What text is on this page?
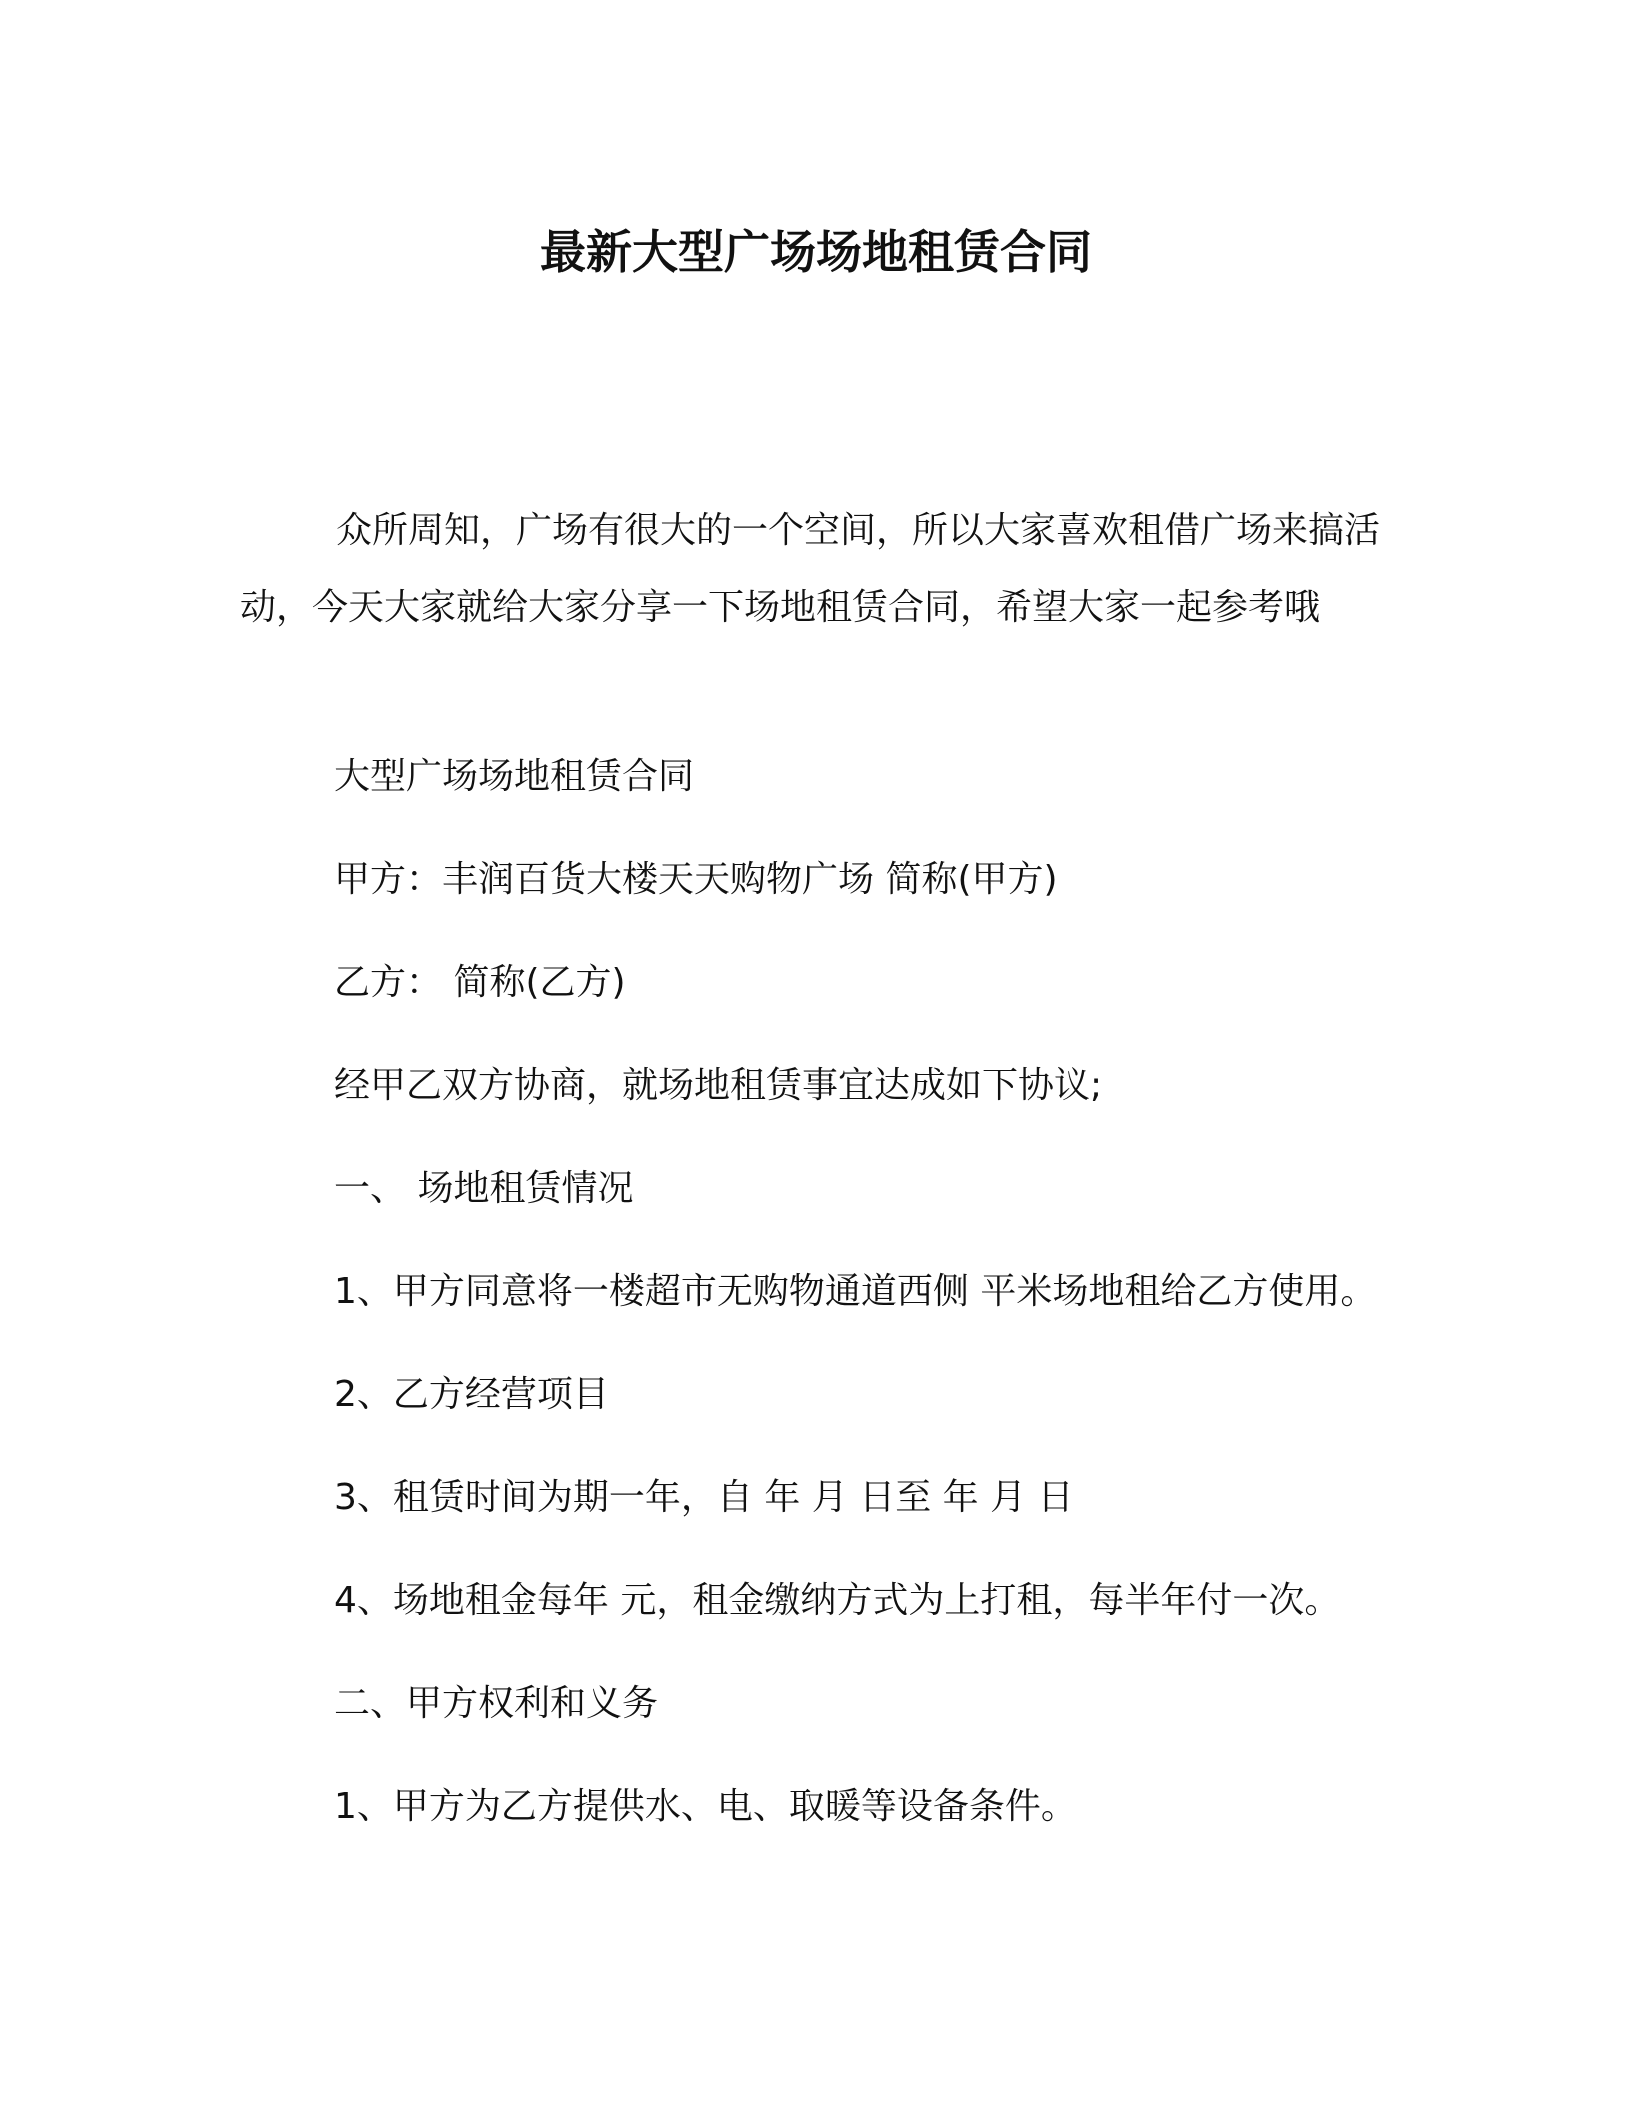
最新大型广场场地租赁合同

众所周知，广场有很大的一个空间，所以大家喜欢租借广场来搞活动，今天大家就给大家分享一下场地租赁合同，希望大家一起参考哦

大型广场场地租赁合同

甲方：丰润百货大楼天天购物广场 简称(甲方)

乙方： 简称(乙方)

经甲乙双方协商，就场地租赁事宜达成如下协议;

一、 场地租赁情况

1、甲方同意将一楼超市无购物通道西侧 平米场地租给乙方使用。

2、乙方经营项目

3、租赁时间为期一年，自 年 月 日至 年 月 日

4、场地租金每年 元，租金缴纳方式为上打租，每半年付一次。

二、甲方权利和义务

1、甲方为乙方提供水、电、取暖等设备条件。
